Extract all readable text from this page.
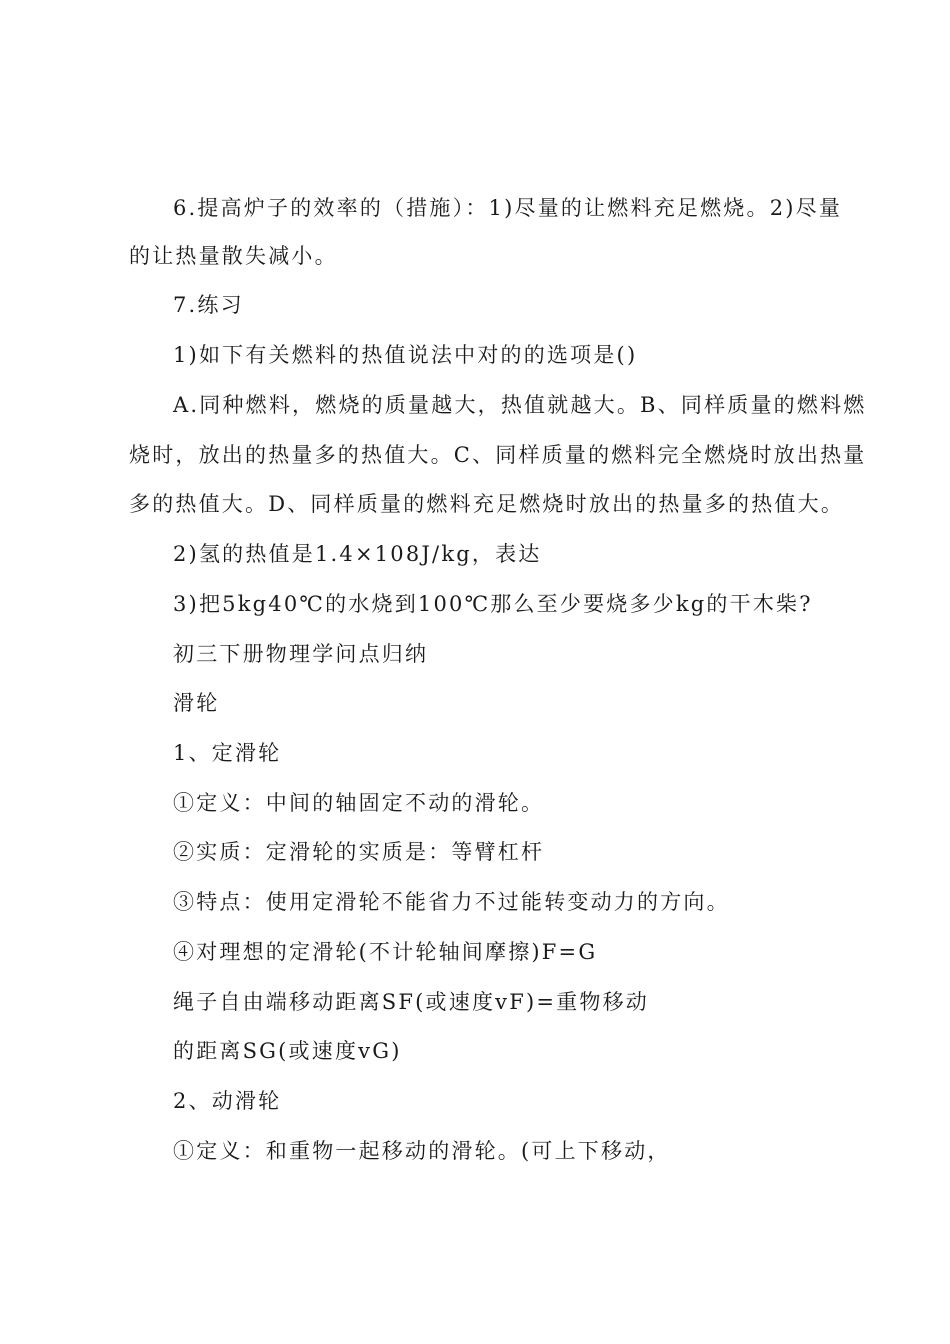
6.提高炉子的效率的（措施）：1)尽量的让燃料充足燃烧。2)尽量
的让热量散失减小。
7.练习
1)如下有关燃料的热值说法中对的的选项是()
A.同种燃料，燃烧的质量越大，热值就越大。B、同样质量的燃料燃
烧时，放出的热量多的热值大。C、同样质量的燃料完全燃烧时放出热量
多的热值大。D、同样质量的燃料充足燃烧时放出的热量多的热值大。
2)氢的热值是1.4×108J/kg，表达
3)把5kg40℃的水烧到100℃那么至少要烧多少kg的干木柴?
初三下册物理学问点归纳
滑轮
1、定滑轮
①定义：中间的轴固定不动的滑轮。
②实质：定滑轮的实质是：等臂杠杆
③特点：使用定滑轮不能省力不过能转变动力的方向。
④对理想的定滑轮(不计轮轴间摩擦)F=G
绳子自由端移动距离SF(或速度vF)=重物移动
的距离SG(或速度vG)
2、动滑轮
①定义：和重物一起移动的滑轮。(可上下移动，
